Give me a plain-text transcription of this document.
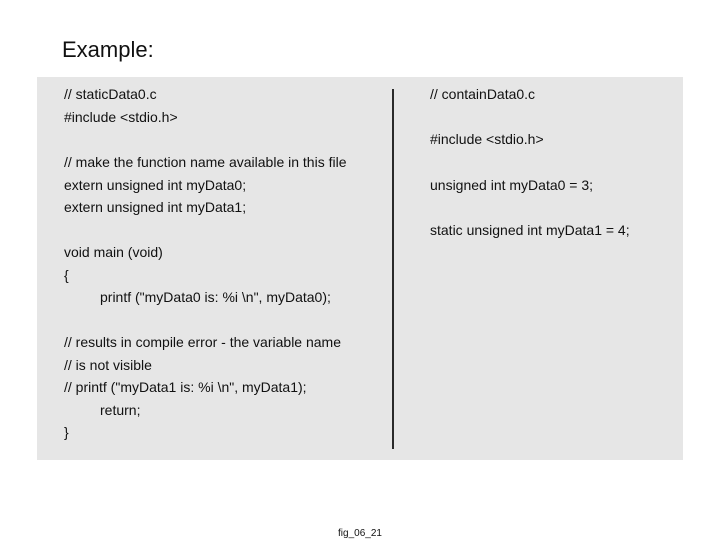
Example:
// staticData0.c
#include <stdio.h>
// make the function name available in this file
extern unsigned int myData0;
extern unsigned int myData1;
void main (void)
{
printf ("myData0 is: %i \n", myData0);
// results in compile error - the variable name
// is not visible
// printf ("myData1 is: %i \n", myData1);
return;
}
// containData0.c
#include <stdio.h>
unsigned int myData0 = 3;
static unsigned int myData1 = 4;
fig_06_21
